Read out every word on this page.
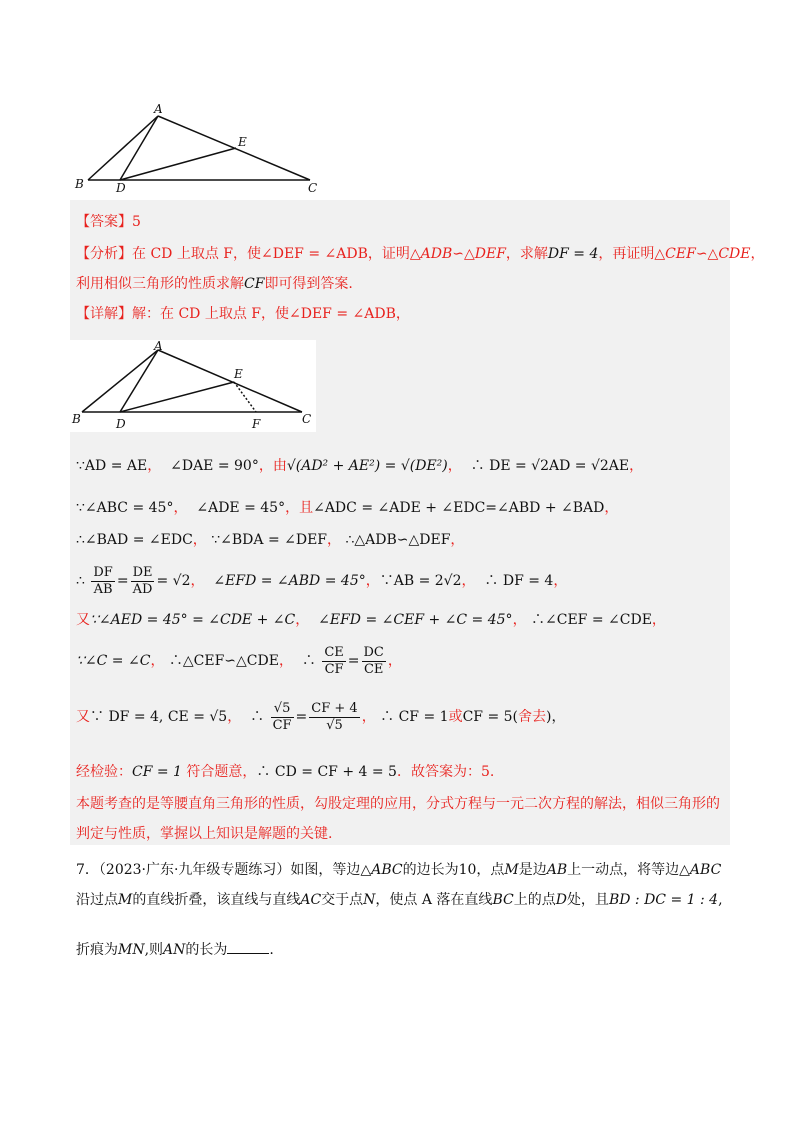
A
B	D
E
C
【答案】5
【分析】在 CD 上取点 F，使∠DEF = ∠ADB，证明△ADB∽△DEF，求解DF = 4，再证明△CEF∽△CDE，
利用相似三角形的性质求解CF即可得到答案.
【详解】解：在 CD 上取点 F，使∠DEF = ∠ADB，
A
B	D
E
F	C
∵AD = AE， ∠DAE = 90°，由√(AD² + AE²) = √(DE²)， ∴ DE = √2AD = √2AE，
∵∠ABC = 45°， ∠ADE = 45°，且∠ADC = ∠ADE + ∠EDC=∠ABD + ∠BAD，
∴∠BAD = ∠EDC， ∵∠BDA = ∠DEF， ∴△ADB∽△DEF，
∴ $\frac{DF}{AB} = \frac{DE}{AD} = √2$， ∠EFD = ∠ABD = 45°，∵AB = 2√2， ∴ DF = 4，
又∵∠AED = 45° = ∠CDE + ∠C， ∠EFD = ∠CEF + ∠C = 45°， ∴∠CEF = ∠CDE，
∵∠C = ∠C， ∴△CEF∽△CDE， ∴ $\frac{CE}{CF} = \frac{DC}{CE}$ ，
又∵ DF = 4, CE = √5， ∴ $\frac{√5}{CF} = \frac{CF + 4}{√5}$ ， ∴ CF = 1或CF = 5(舍去)，
经检验：CF = 1 符合题意，∴ CD = CF + 4 = 5．故答案为：5.
本题考查的是等腰直角三角形的性质，勾股定理的应用，分式方程与一元二次方程的解法，相似三角形的
判定与性质，掌握以上知识是解题的关键.
7．（2023·广东·九年级专题练习）如图，等边△ABC的边长为10，点M是边AB上一动点，将等边△ABC
沿过点M的直线折叠，该直线与直线AC交于点N，使点 A 落在直线BC上的点D处，且BD : DC = 1 : 4,
折痕为MN,则AN的长为	.
